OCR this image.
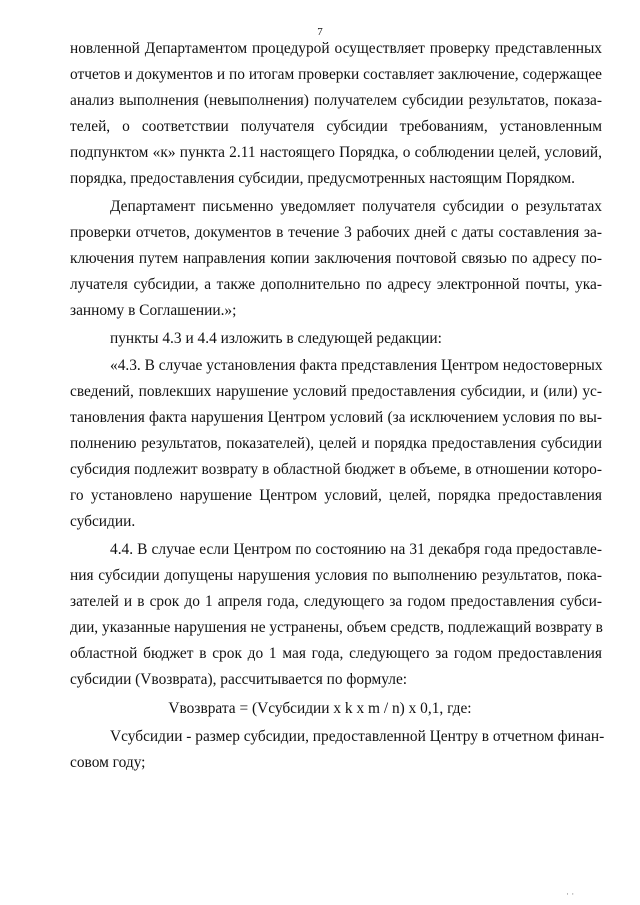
7
новленной Департаментом процедурой осуществляет проверку представленных
отчетов и документов и по итогам проверки составляет заключение, содержащее
анализ выполнения (невыполнения) получателем субсидии результатов, показа-
телей, о соответствии получателя субсидии требованиям, установленным
подпунктом «к» пункта 2.11 настоящего Порядка, о соблюдении целей, условий,
порядка, предоставления субсидии, предусмотренных настоящим Порядком.
Департамент письменно уведомляет получателя субсидии о результатах
проверки отчетов, документов в течение 3 рабочих дней с даты составления за-
ключения путем направления копии заключения почтовой связью по адресу по-
лучателя субсидии, а также дополнительно по адресу электронной почты, ука-
занному в Соглашении.»;
пункты 4.3 и 4.4 изложить в следующей редакции:
«4.3. В случае установления факта представления Центром недостоверных
сведений, повлекших нарушение условий предоставления субсидии, и (или) ус-
тановления факта нарушения Центром условий (за исключением условия по вы-
полнению результатов, показателей), целей и порядка предоставления субсидии
субсидия подлежит возврату в областной бюджет в объеме, в отношении которо-
го установлено нарушение Центром условий, целей, порядка предоставления
субсидии.
4.4. В случае если Центром по состоянию на 31 декабря года предоставле-
ния субсидии допущены нарушения условия по выполнению результатов, пока-
зателей и в срок до 1 апреля года, следующего за годом предоставления субси-
дии, указанные нарушения не устранены, объем средств, подлежащий возврату в
областной бюджет в срок до 1 мая года, следующего за годом предоставления
субсидии (Vвозврата), рассчитывается по формуле:
Vвозврата = (Vсубсидии x k x m / n) x 0,1, где:
Vсубсидии - размер субсидии, предоставленной Центру в отчетном финан-
совом году;
· ·
